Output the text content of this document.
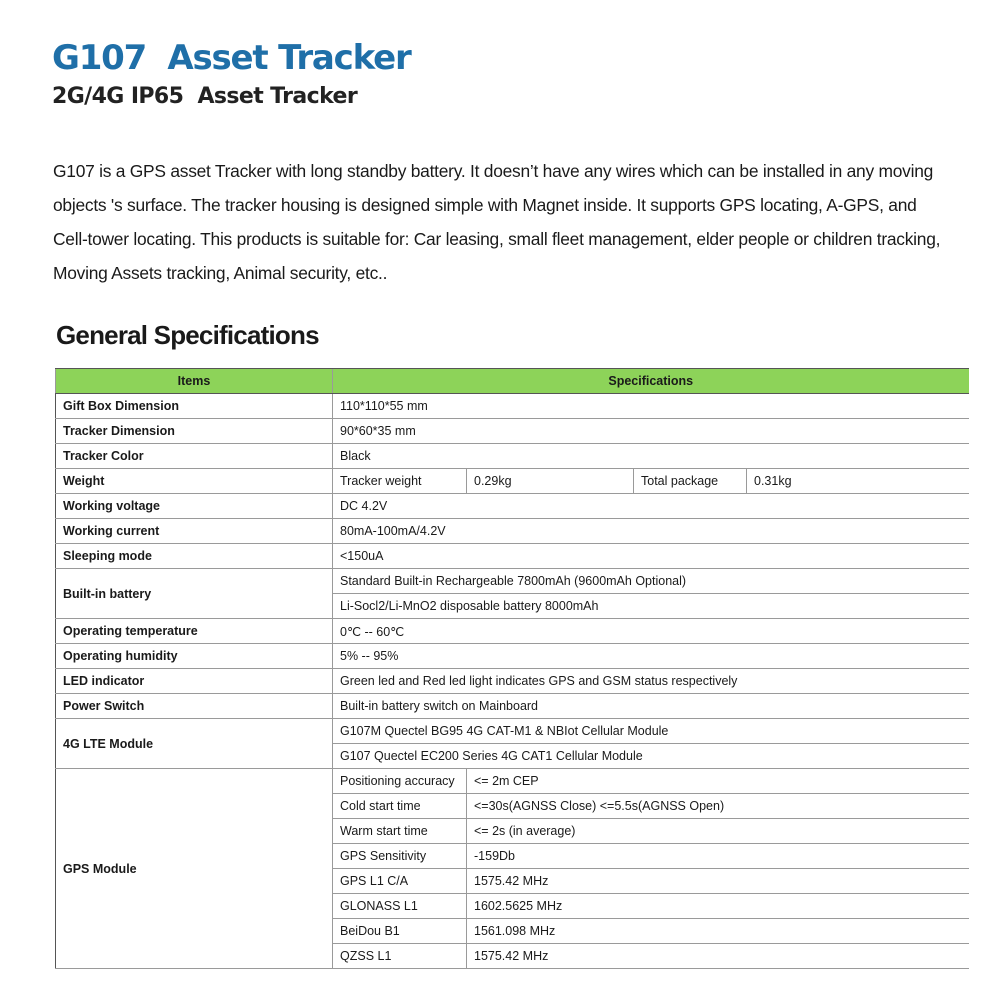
G107  Asset Tracker
2G/4G IP65  Asset Tracker
G107 is a GPS asset Tracker with long standby battery. It doesn’t have any wires which can be installed in any moving
objects 's surface. The tracker housing is designed simple with Magnet inside. It supports GPS locating, A-GPS, and
Cell-tower locating. This products is suitable for: Car leasing, small fleet management, elder people or children tracking,
Moving Assets tracking, Animal security, etc..
General Specifications
Items	Specifications			
Gift Box Dimension	110*110*55 mm			
Tracker Dimension	90*60*35 mm			
Tracker Color	Black			
Weight	Tracker weight	0.29kg	Total package	0.31kg
Working voltage	DC 4.2V			
Working current	80mA-100mA/4.2V			
Sleeping mode	<150uA			
Built-in battery	Standard Built-in Rechargeable 7800mAh (9600mAh Optional)			
	Li-Socl2/Li-MnO2 disposable battery 8000mAh			
Operating temperature	0℃ -- 60℃			
Operating humidity	5% -- 95%			
LED indicator	Green led and Red led light indicates GPS and GSM status respectively			
Power Switch	Built-in battery switch on Mainboard			
4G LTE Module	G107M Quectel BG95 4G CAT-M1 & NBIot Cellular Module			
	G107 Quectel EC200 Series 4G CAT1 Cellular Module			
GPS Module	Positioning accuracy	<= 2m CEP		
	Cold start time	<=30s(AGNSS Close) <=5.5s(AGNSS Open)		
	Warm start time	<= 2s (in average)		
	GPS Sensitivity	-159Db		
	GPS L1 C/A	1575.42 MHz		
	GLONASS L1	1602.5625 MHz		
	BeiDou B1	1561.098 MHz		
	QZSS L1	1575.42 MHz		
